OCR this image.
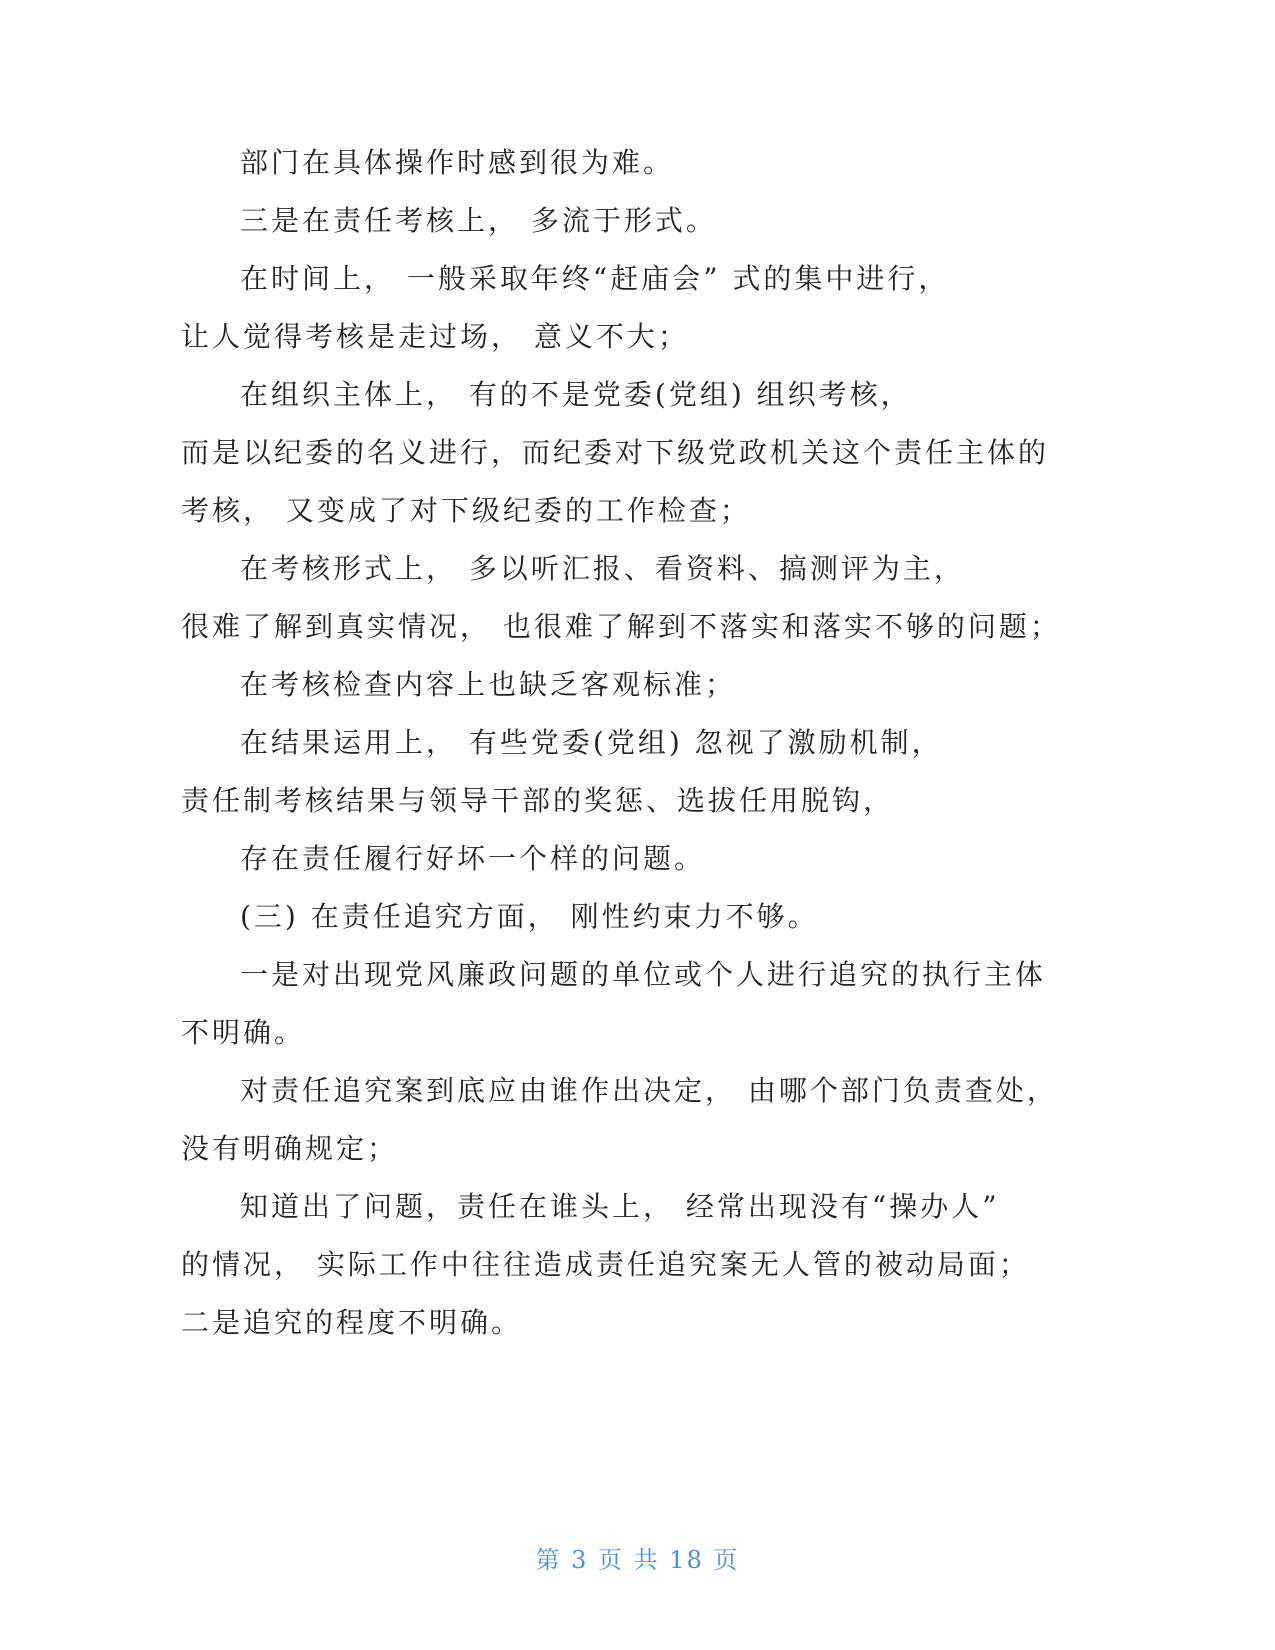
部门在具体操作时感到很为难。
三是在责任考核上， 多流于形式。
在时间上， 一般采取年终“赶庙会” 式的集中进行，
让人觉得考核是走过场， 意义不大；
在组织主体上， 有的不是党委(党组) 组织考核，
而是以纪委的名义进行，而纪委对下级党政机关这个责任主体的
考核， 又变成了对下级纪委的工作检查；
在考核形式上， 多以听汇报、看资料、搞测评为主，
很难了解到真实情况， 也很难了解到不落实和落实不够的问题；
在考核检查内容上也缺乏客观标准；
在结果运用上， 有些党委(党组) 忽视了激励机制，
责任制考核结果与领导干部的奖惩、选拔任用脱钩，
存在责任履行好坏一个样的问题。
(三) 在责任追究方面， 刚性约束力不够。
一是对出现党风廉政问题的单位或个人进行追究的执行主体
不明确。
对责任追究案到底应由谁作出决定， 由哪个部门负责查处，
没有明确规定；
知道出了问题，责任在谁头上， 经常出现没有“操办人”
的情况， 实际工作中往往造成责任追究案无人管的被动局面；
二是追究的程度不明确。
第 3 页 共 18 页
